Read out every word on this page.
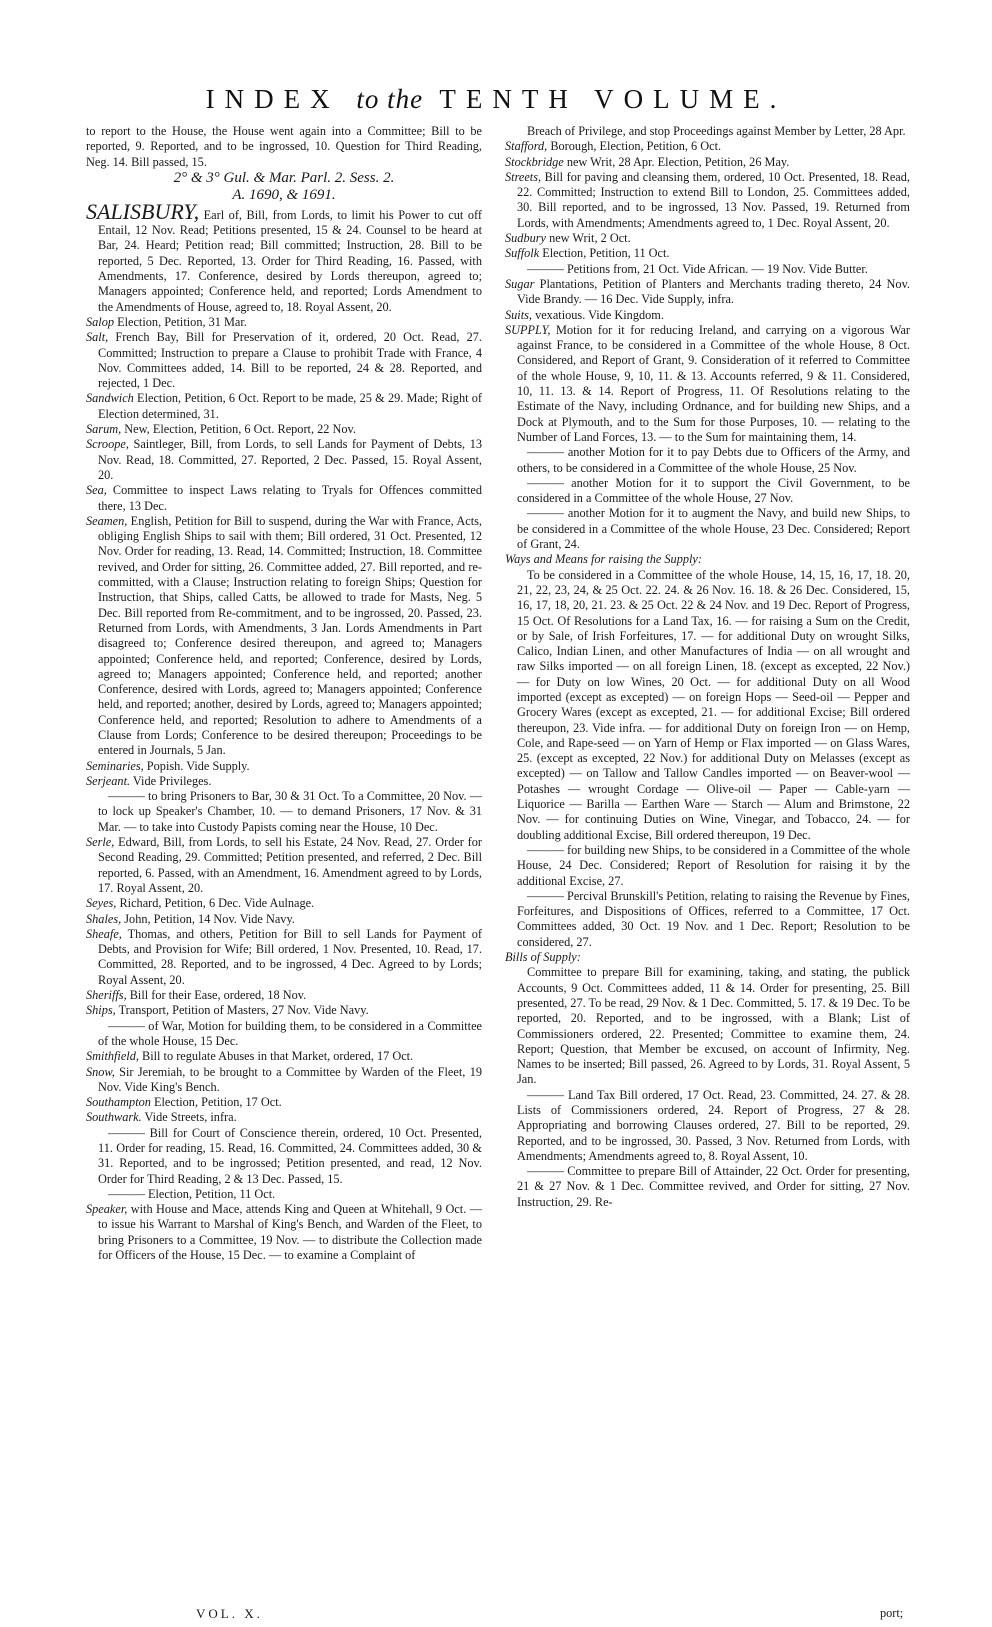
INDEX to the TENTH VOLUME.

to report to the House, the House went again into a Committee; Bill to be reported, 9. Reported, and to be ingrossed, 10. Question for Third Reading, Neg. 14. Bill passed, 15.

2° & 3° Gul. & Mar. Parl. 2. Sess. 2.

A. 1690, & 1691.

SALISBURY, Earl of, Bill, from Lords, to limit his Power to cut off Entail, 12 Nov. Read; Petitions presented, 15 & 24. Counsel to be heard at Bar, 24. Heard; Petition read; Bill committed; Instruction, 28. Bill to be reported, 5 Dec. Reported, 13. Order for Third Reading, 16. Passed, with Amendments, 17. Conference, desired by Lords thereupon, agreed to; Managers appointed; Conference held, and reported; Lords Amendment to the Amendments of House, agreed to, 18. Royal Assent, 20.

Salop Election, Petition, 31 Mar.

Salt, French Bay, Bill for Preservation of it, ordered, 20 Oct. Read, 27. Committed; Instruction to prepare a Clause to prohibit Trade with France, 4 Nov. Committees added, 14. Bill to be reported, 24 & 28. Reported, and rejected, 1 Dec.

Sandwich Election, Petition, 6 Oct. Report to be made, 25 & 29. Made; Right of Election determined, 31.

Sarum, New, Election, Petition, 6 Oct. Report, 22 Nov.

Scroope, Saintleger, Bill, from Lords, to sell Lands for Payment of Debts, 13 Nov. Read, 18. Committed, 27. Reported, 2 Dec. Passed, 15. Royal Assent, 20.

Sea, Committee to inspect Laws relating to Tryals for Offences committed there, 13 Dec.

Seamen, English, Petition for Bill to suspend, during the War with France, Acts, obliging English Ships to sail with them; Bill ordered, 31 Oct. Presented, 12 Nov. Order for reading, 13. Read, 14. Committed; Instruction, 18. Committee revived, and Order for sitting, 26. Committee added, 27. Bill reported, and re-committed, with a Clause; Instruction relating to foreign Ships; Question for Instruction, that Ships, called Catts, be allowed to trade for Masts, Neg. 5 Dec. Bill reported from Re-commitment, and to be ingrossed, 20. Passed, 23. Returned from Lords, with Amendments, 3 Jan. Lords Amendments in Part disagreed to; Conference desired thereupon, and agreed to; Managers appointed; Conference held, and reported; Conference, desired by Lords, agreed to; Managers appointed; Conference held, and reported; another Conference, desired with Lords, agreed to; Managers appointed; Conference held, and reported; another, desired by Lords, agreed to; Managers appointed; Conference held, and reported; Resolution to adhere to Amendments of a Clause from Lords; Conference to be desired thereupon; Proceedings to be entered in Journals, 5 Jan.

Seminaries, Popish. Vide Supply.

Serjeant. Vide Privileges.

——— to bring Prisoners to Bar, 30 & 31 Oct. To a Committee, 20 Nov. — to lock up Speaker's Chamber, 10. — to demand Prisoners, 17 Nov. & 31 Mar. — to take into Custody Papists coming near the House, 10 Dec.

Serle, Edward, Bill, from Lords, to sell his Estate, 24 Nov. Read, 27. Order for Second Reading, 29. Committed; Petition presented, and referred, 2 Dec. Bill reported, 6. Passed, with an Amendment, 16. Amendment agreed to by Lords, 17. Royal Assent, 20.

Seyes, Richard, Petition, 6 Dec. Vide Aulnage.

Shales, John, Petition, 14 Nov. Vide Navy.

Sheafe, Thomas, and others, Petition for Bill to sell Lands for Payment of Debts, and Provision for Wife; Bill ordered, 1 Nov. Presented, 10. Read, 17. Committed, 28. Reported, and to be ingrossed, 4 Dec. Agreed to by Lords; Royal Assent, 20.

Sheriffs, Bill for their Ease, ordered, 18 Nov.

Ships, Transport, Petition of Masters, 27 Nov. Vide Navy.

——— of War, Motion for building them, to be considered in a Committee of the whole House, 15 Dec.

Smithfield, Bill to regulate Abuses in that Market, ordered, 17 Oct.

Snow, Sir Jeremiah, to be brought to a Committee by Warden of the Fleet, 19 Nov. Vide King's Bench.

Southampton Election, Petition, 17 Oct.

Southwark. Vide Streets, infra.

——— Bill for Court of Conscience therein, ordered, 10 Oct. Presented, 11. Order for reading, 15. Read, 16. Committed, 24. Committees added, 30 & 31. Reported, and to be ingrossed; Petition presented, and read, 12 Nov. Order for Third Reading, 2 & 13 Dec. Passed, 15.

——— Election, Petition, 11 Oct.

Speaker, with House and Mace, attends King and Queen at Whitehall, 9 Oct. — to issue his Warrant to Marshal of King's Bench, and Warden of the Fleet, to bring Prisoners to a Committee, 19 Nov. — to distribute the Collection made for Officers of the House, 15 Dec. — to examine a Complaint of

Breach of Privilege, and stop Proceedings against Member by Letter, 28 Apr.

Stafford, Borough, Election, Petition, 6 Oct.

Stockbridge new Writ, 28 Apr. Election, Petition, 26 May.

Streets, Bill for paving and cleansing them, ordered, 10 Oct. Presented, 18. Read, 22. Committed; Instruction to extend Bill to London, 25. Committees added, 30. Bill reported, and to be ingrossed, 13 Nov. Passed, 19. Returned from Lords, with Amendments; Amendments agreed to, 1 Dec. Royal Assent, 20.

Sudbury new Writ, 2 Oct.

Suffolk Election, Petition, 11 Oct.

——— Petitions from, 21 Oct. Vide African. — 19 Nov. Vide Butter.

Sugar Plantations, Petition of Planters and Merchants trading thereto, 24 Nov. Vide Brandy. — 16 Dec. Vide Supply, infra.

Suits, vexatious. Vide Kingdom.

SUPPLY, Motion for it for reducing Ireland, and carrying on a vigorous War against France, to be considered in a Committee of the whole House, 8 Oct. Considered, and Report of Grant, 9. Consideration of it referred to Committee of the whole House, 9, 10, 11. & 13. Accounts referred, 9 & 11. Considered, 10, 11. 13. & 14. Report of Progress, 11. Of Resolutions relating to the Estimate of the Navy, including Ordnance, and for building new Ships, and a Dock at Plymouth, and to the Sum for those Purposes, 10. — relating to the Number of Land Forces, 13. — to the Sum for maintaining them, 14.

——— another Motion for it to pay Debts due to Officers of the Army, and others, to be considered in a Committee of the whole House, 25 Nov.

——— another Motion for it to support the Civil Government, to be considered in a Committee of the whole House, 27 Nov.

——— another Motion for it to augment the Navy, and build new Ships, to be considered in a Committee of the whole House, 23 Dec. Considered; Report of Grant, 24.

Ways and Means for raising the Supply:

To be considered in a Committee of the whole House, 14, 15, 16, 17, 18. 20, 21, 22, 23, 24, & 25 Oct. 22. 24. & 26 Nov. 16. 18. & 26 Dec. Considered, 15, 16, 17, 18, 20, 21. 23. & 25 Oct. 22 & 24 Nov. and 19 Dec. Report of Progress, 15 Oct. Of Resolutions for a Land Tax, 16. — for raising a Sum on the Credit, or by Sale, of Irish Forfeitures, 17. — for additional Duty on wrought Silks, Calico, Indian Linen, and other Manufactures of India — on all wrought and raw Silks imported — on all foreign Linen, 18. (except as excepted, 22 Nov.) — for Duty on low Wines, 20 Oct. — for additional Duty on all Wood imported (except as excepted) — on foreign Hops — Seed-oil — Pepper and Grocery Wares (except as excepted, 21. — for additional Excise; Bill ordered thereupon, 23. Vide infra. — for additional Duty on foreign Iron — on Hemp, Cole, and Rape-seed — on Yarn of Hemp or Flax imported — on Glass Wares, 25. (except as excepted, 22 Nov.) for additional Duty on Melasses (except as excepted) — on Tallow and Tallow Candles imported — on Beaver-wool — Potashes — wrought Cordage — Olive-oil — Paper — Cable-yarn — Liquorice — Barilla — Earthen Ware — Starch — Alum and Brimstone, 22 Nov. — for continuing Duties on Wine, Vinegar, and Tobacco, 24. — for doubling additional Excise, Bill ordered thereupon, 19 Dec.

——— for building new Ships, to be considered in a Committee of the whole House, 24 Dec. Considered; Report of Resolution for raising it by the additional Excise, 27.

——— Percival Brunskill's Petition, relating to raising the Revenue by Fines, Forfeitures, and Dispositions of Offices, referred to a Committee, 17 Oct. Committees added, 30 Oct. 19 Nov. and 1 Dec. Report; Resolution to be considered, 27.

Bills of Supply:

Committee to prepare Bill for examining, taking, and stating, the publick Accounts, 9 Oct. Committees added, 11 & 14. Order for presenting, 25. Bill presented, 27. To be read, 29 Nov. & 1 Dec. Committed, 5. 17. & 19 Dec. To be reported, 20. Reported, and to be ingrossed, with a Blank; List of Commissioners ordered, 22. Presented; Committee to examine them, 24. Report; Question, that Member be excused, on account of Infirmity, Neg. Names to be inserted; Bill passed, 26. Agreed to by Lords, 31. Royal Assent, 5 Jan.

——— Land Tax Bill ordered, 17 Oct. Read, 23. Committed, 24. 27. & 28. Lists of Commissioners ordered, 24. Report of Progress, 27 & 28. Appropriating and borrowing Clauses ordered, 27. Bill to be reported, 29. Reported, and to be ingrossed, 30. Passed, 3 Nov. Returned from Lords, with Amendments; Amendments agreed to, 8. Royal Assent, 10.

——— Committee to prepare Bill of Attainder, 22 Oct. Order for presenting, 21 & 27 Nov. & 1 Dec. Committee revived, and Order for sitting, 27 Nov. Instruction, 29. Re-

VOL. X.	port;
